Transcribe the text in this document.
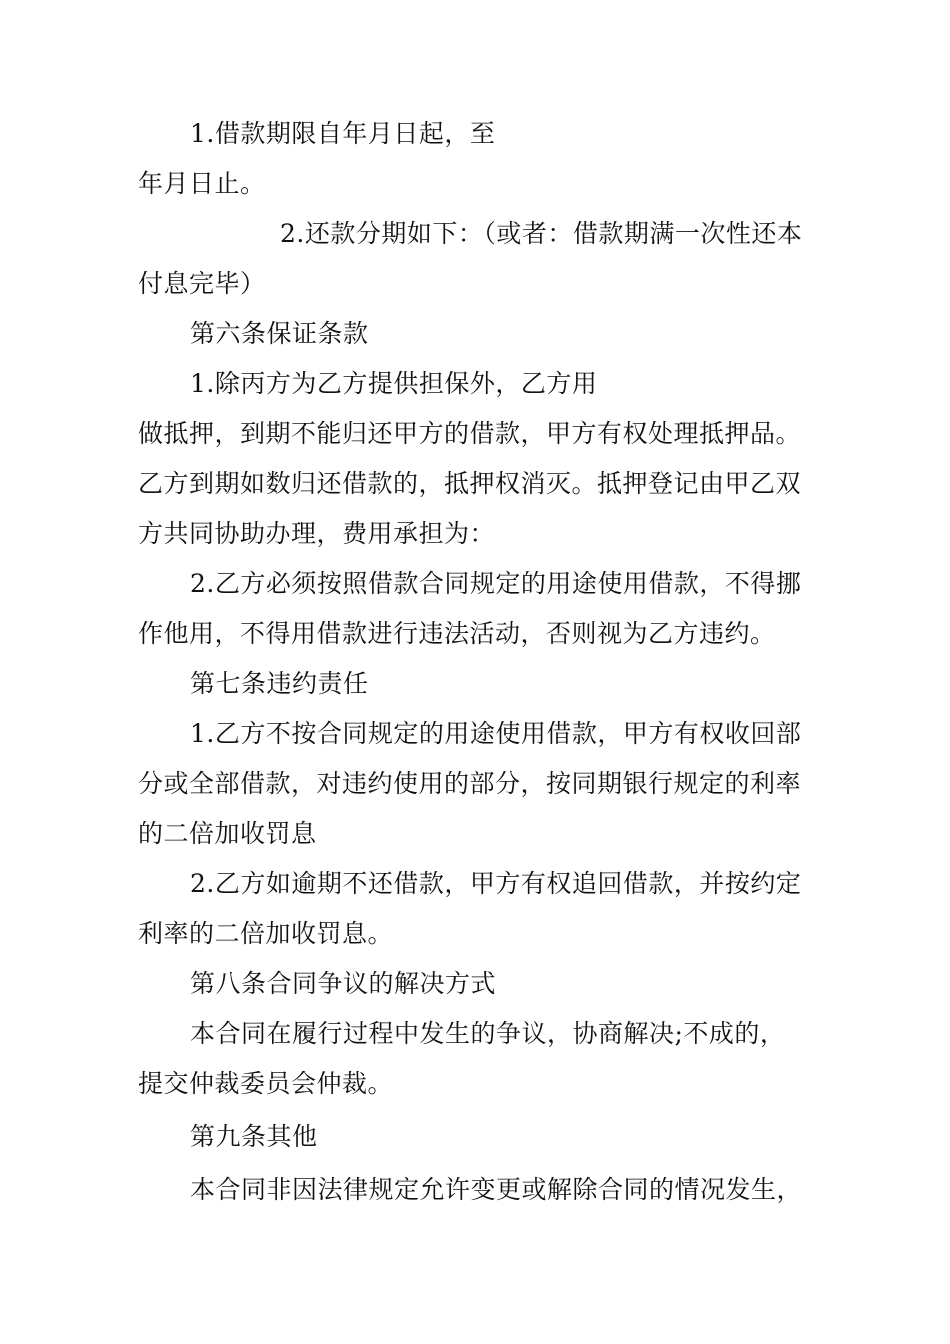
1.借款期限自年月日起，至
年月日止。
2.还款分期如下：（或者：借款期满一次性还本
付息完毕）
第六条保证条款
1.除丙方为乙方提供担保外，乙方用
做抵押，到期不能归还甲方的借款，甲方有权处理抵押品。
乙方到期如数归还借款的，抵押权消灭。抵押登记由甲乙双
方共同协助办理，费用承担为：
2.乙方必须按照借款合同规定的用途使用借款，不得挪
作他用，不得用借款进行违法活动，否则视为乙方违约。
第七条违约责任
1.乙方不按合同规定的用途使用借款，甲方有权收回部
分或全部借款，对违约使用的部分，按同期银行规定的利率
的二倍加收罚息
2.乙方如逾期不还借款，甲方有权追回借款，并按约定
利率的二倍加收罚息。
第八条合同争议的解决方式
本合同在履行过程中发生的争议，协商解决;不成的，
提交仲裁委员会仲裁。
第九条其他
本合同非因法律规定允许变更或解除合同的情况发生，
